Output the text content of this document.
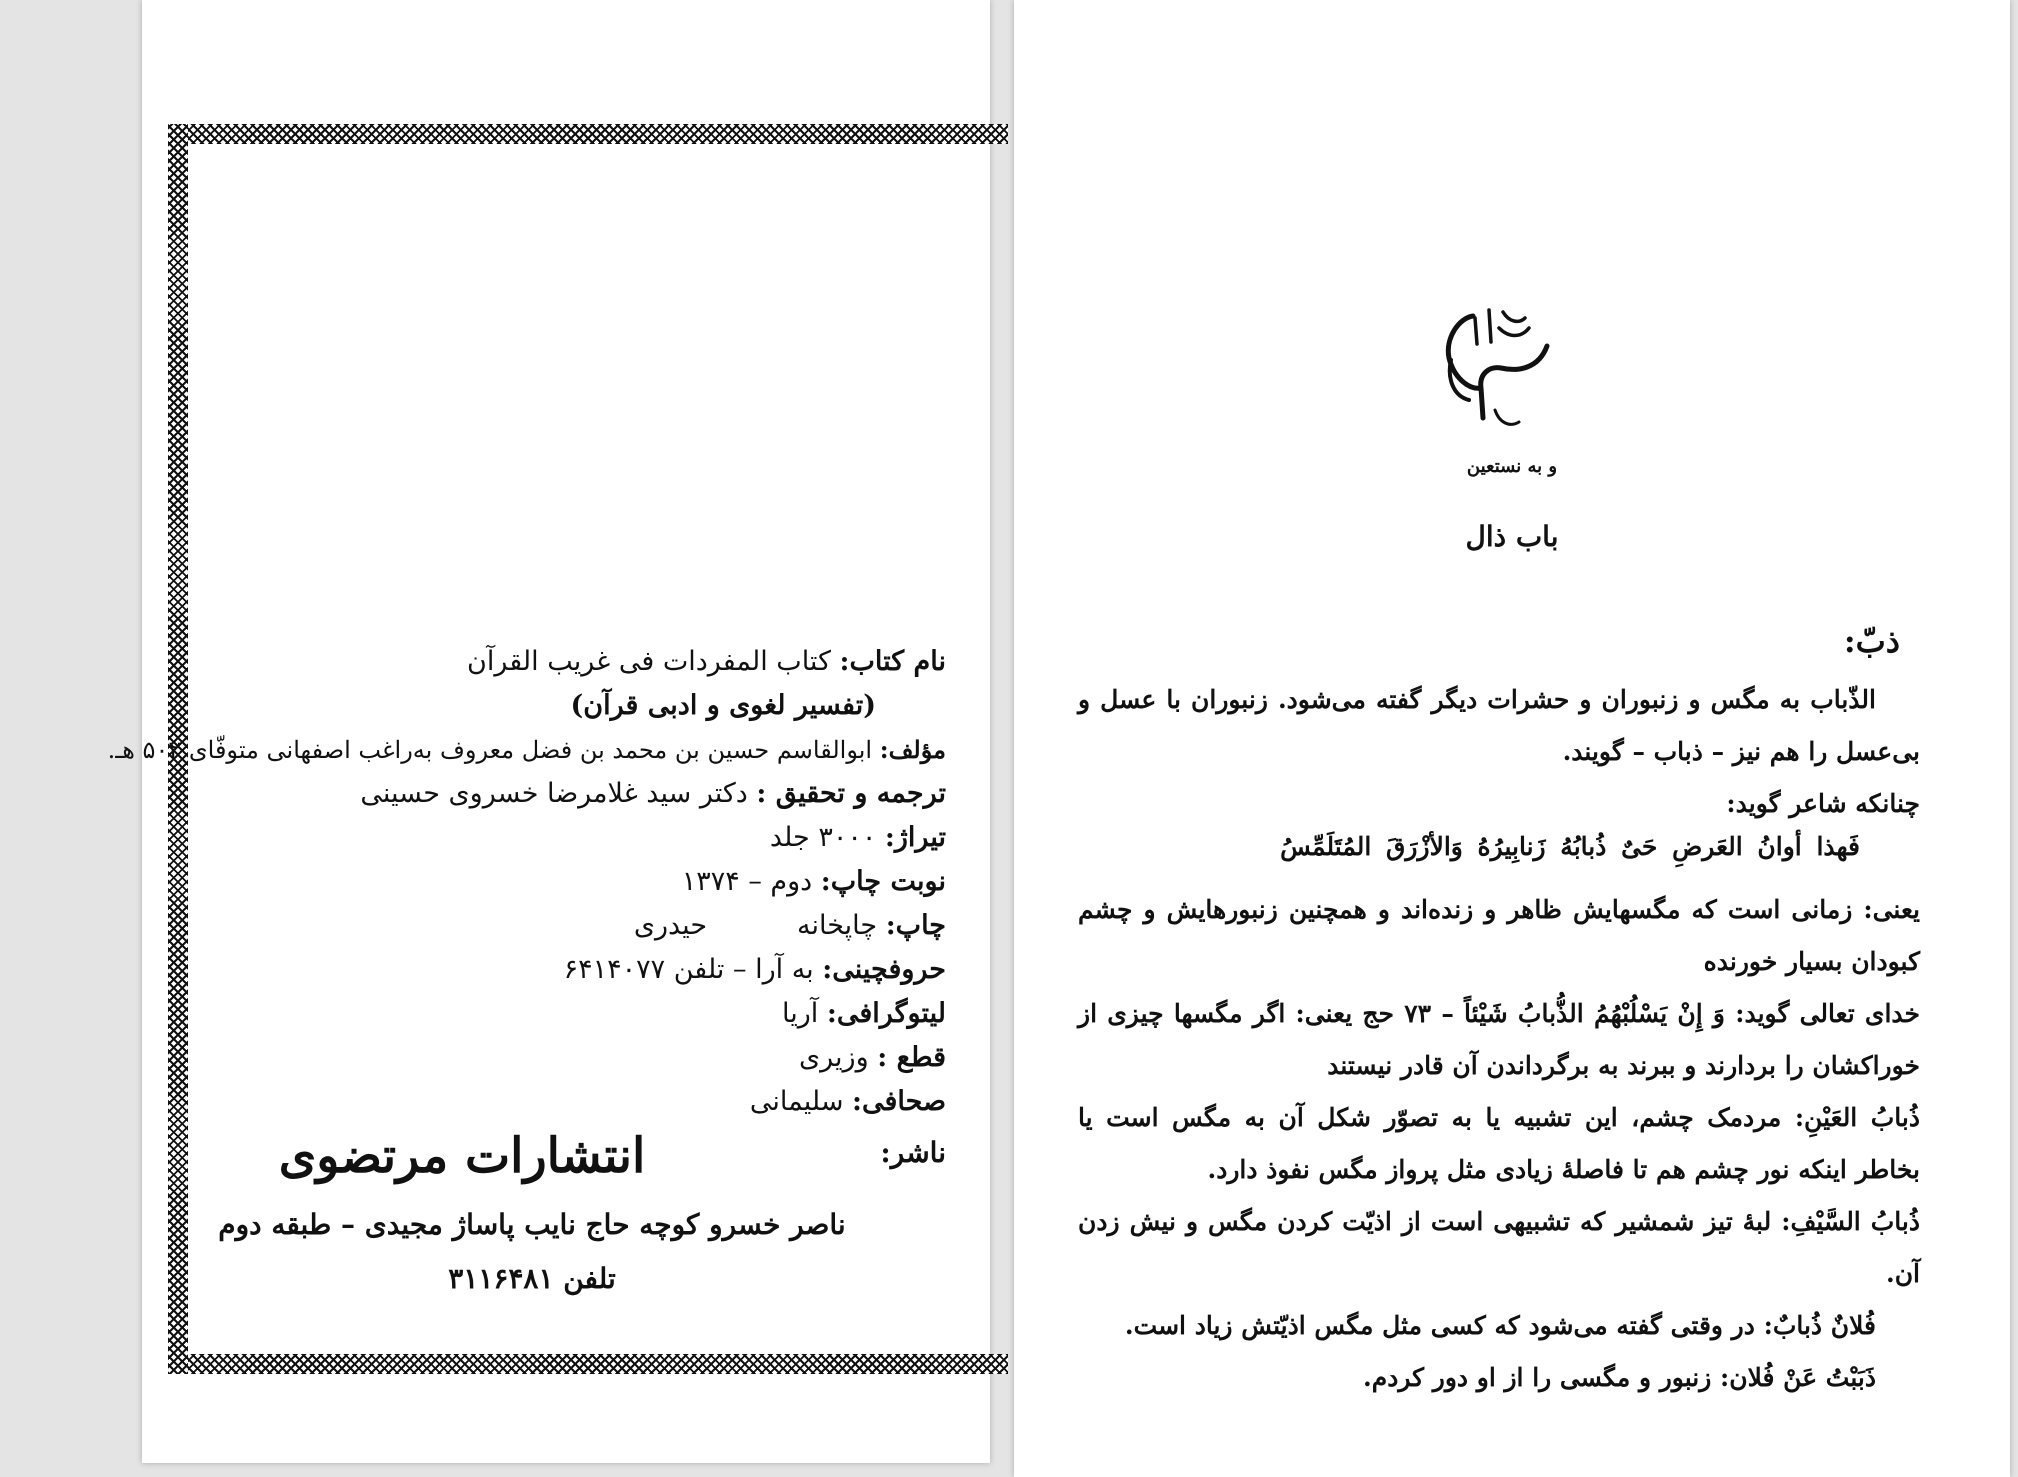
نام کتاب: کتاب المفردات فی غریب القرآن
(تفسیر لغوی و ادبی قرآن)
مؤلف: ابوالقاسم حسین بن محمد بن فضل معروف به‌راغب اصفهانی متوفّای ۵۰۲ هـ.
ترجمه و تحقیق : دکتر سید غلامرضا خسروی حسینی
تیراژ: ۳۰۰۰ جلد
نوبت چاپ: دوم – ۱۳۷۴
چاپ: چاپخانهحیدری
حروفچینی: به آرا – تلفن ۶۴۱۴۰۷۷
لیتوگرافی: آریا
قطع : وزیری
صحافی: سلیمانی
ناشر:
انتشارات مرتضوی
ناصر خسرو کوچه حاج نایب پاساژ مجیدی – طبقه دوم
تلفن ۳۱۱۶۴۸۱
و به نستعین
باب ذال
ذبّ:

الذّباب به مگس و زنبوران و حشرات دیگر گفته می‌شود. زنبوران با عسل و بی‌عسل را هم نیز – ذباب – گویند.

چنانکه شاعر گوید:

فَهذا أوانُ العَرضِ حَیٌ ذُبابُهُ زَنابِیرُهُ وَالأزْرَقَ المُتَلَمِّسُ

یعنی: زمانی است که مگسهایش ظاهر و زنده‌اند و همچنین زنبورهایش و چشم کبودان بسیار خورنده

خدای تعالی گوید: وَ إِنْ یَسْلُبْهُمُ الذُّبابُ شَیْئاً – ۷۳ حج یعنی: اگر مگسها چیزی از خوراکشان را بردارند و ببرند به برگرداندن آن قادر نیستند

ذُبابُ العَیْنِ: مردمک چشم، این تشبیه یا به تصوّر شکل آن به مگس است یا بخاطر اینکه نور چشم هم تا فاصلهٔ زیادی مثل پرواز مگس نفوذ دارد.

ذُبابُ السَّیْفِ: لبهٔ تیز شمشیر که تشبیهی است از اذیّت کردن مگس و نیش زدن آن.

فُلانٌ ذُبابٌ: در وقتی گفته می‌شود که کسی مثل مگس اذیّتش زیاد است.

ذَبَبْتُ عَنْ فُلان: زنبور و مگسی را از او دور کردم.
